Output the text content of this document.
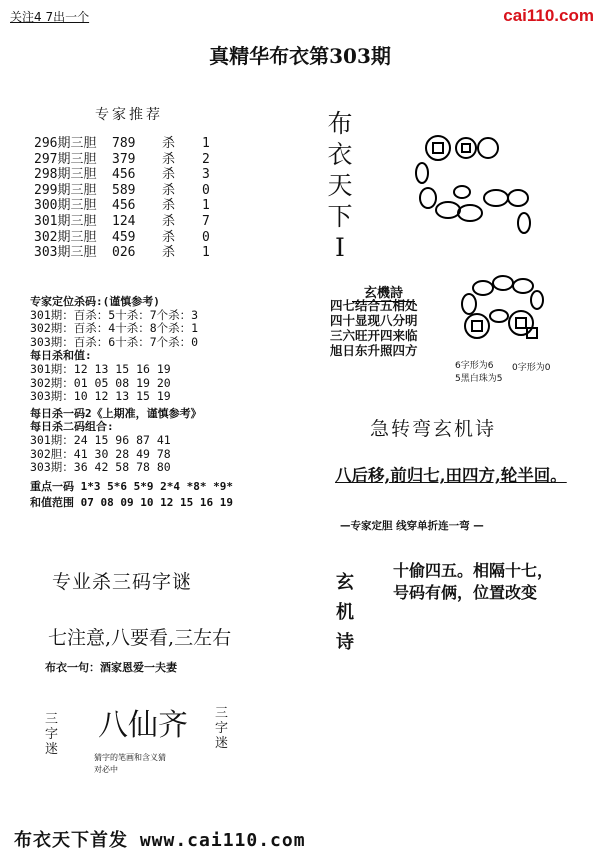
关注4 7出一个	cai110.com
真精华布衣第303期
专家推荐
296期三胆 789 杀 1
297期三胆 379 杀 2
298期三胆 456 杀 3
299期三胆 589 杀 0
300期三胆 456 杀 1
301期三胆 124 杀 7
302期三胆 459 杀 0
303期三胆 026 杀 1
专家定位杀码:(谨慎参考)
301期：百杀：5十杀：7个杀：3
302期：百杀：4十杀：8个杀：1
303期：百杀：6十杀：7个杀：0
每日杀和值:
301期：12 13 15 16 19
302期：01 05 08 19 20
303期：10 12 13 15 19
每日杀一码2《上期准，谨慎参考》
每日杀二码组合:
301期：24 15 96 87 41
302胆：41 30 28 49 78
303期：36 42 58 78 80
重点一码 1*3 5*6 5*9 2*4 *8* *9*
和值范围 07 08 09 10 12 15 16 19
布
衣
天
下
I
玄機詩
四七结合五相处
四十显现八分明
三六旺开四来临
旭日东升照四方
6字形为6
5黑白珠为5
0字形为0
急转弯玄机诗
八后移,前归七,田四方,轮半回。
—专家定胆 线穿单折连一弯 —
玄
机
诗
十偷四五。相隔十七，
号码有俩，位置改变
专业杀三码字谜
七注意,八要看,三左右
布衣一句：酒家恩爱一夫妻
三
字
迷
八仙齐
猜字的笔画和含义猜
对必中
三
字
迷
布衣天下首发 www.cai110.com
